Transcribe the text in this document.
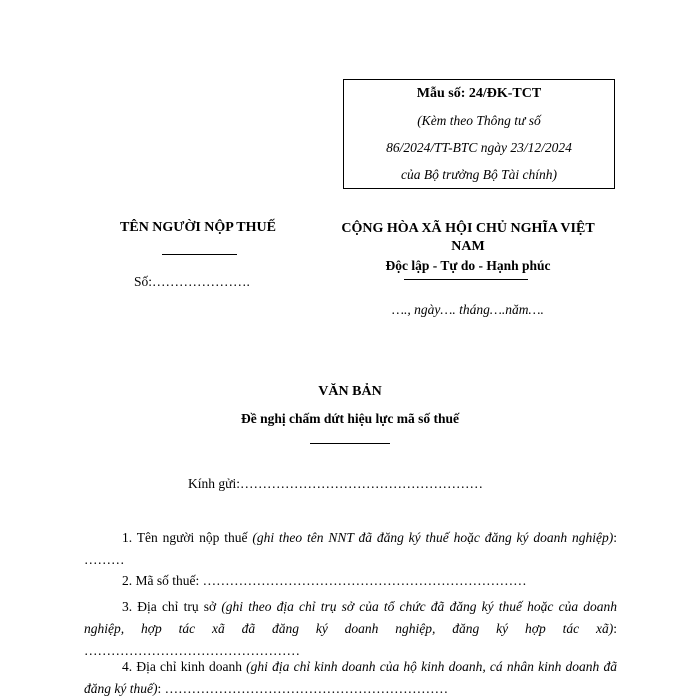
Mẫu số: 24/ĐK-TCT
(Kèm theo Thông tư số
86/2024/TT-BTC ngày 23/12/2024
của Bộ trưởng Bộ Tài chính)
TÊN NGƯỜI NỘP THUẾ
Số:………………….
CỘNG HÒA XÃ HỘI CHỦ NGHĨA VIỆT
NAM
Độc lập - Tự do - Hạnh phúc
…., ngày…. tháng….năm….
VĂN BẢN
Đề nghị chấm dứt hiệu lực mã số thuế
Kính gửi:………………………………………………
1. Tên người nộp thuế (ghi theo tên NNT đã đăng ký thuế hoặc đăng ký doanh nghiệp): ………
2. Mã số thuế: ………………………………………………………………
3. Địa chỉ trụ sở (ghi theo địa chỉ trụ sở của tổ chức đã đăng ký thuế hoặc của doanh nghiệp, hợp tác xã đã đăng ký doanh nghiệp, đăng ký hợp tác xã): …………………………………………
4. Địa chỉ kinh doanh (ghi địa chỉ kinh doanh của hộ kinh doanh, cá nhân kinh doanh đã đăng ký thuế): ………………………………………………………
